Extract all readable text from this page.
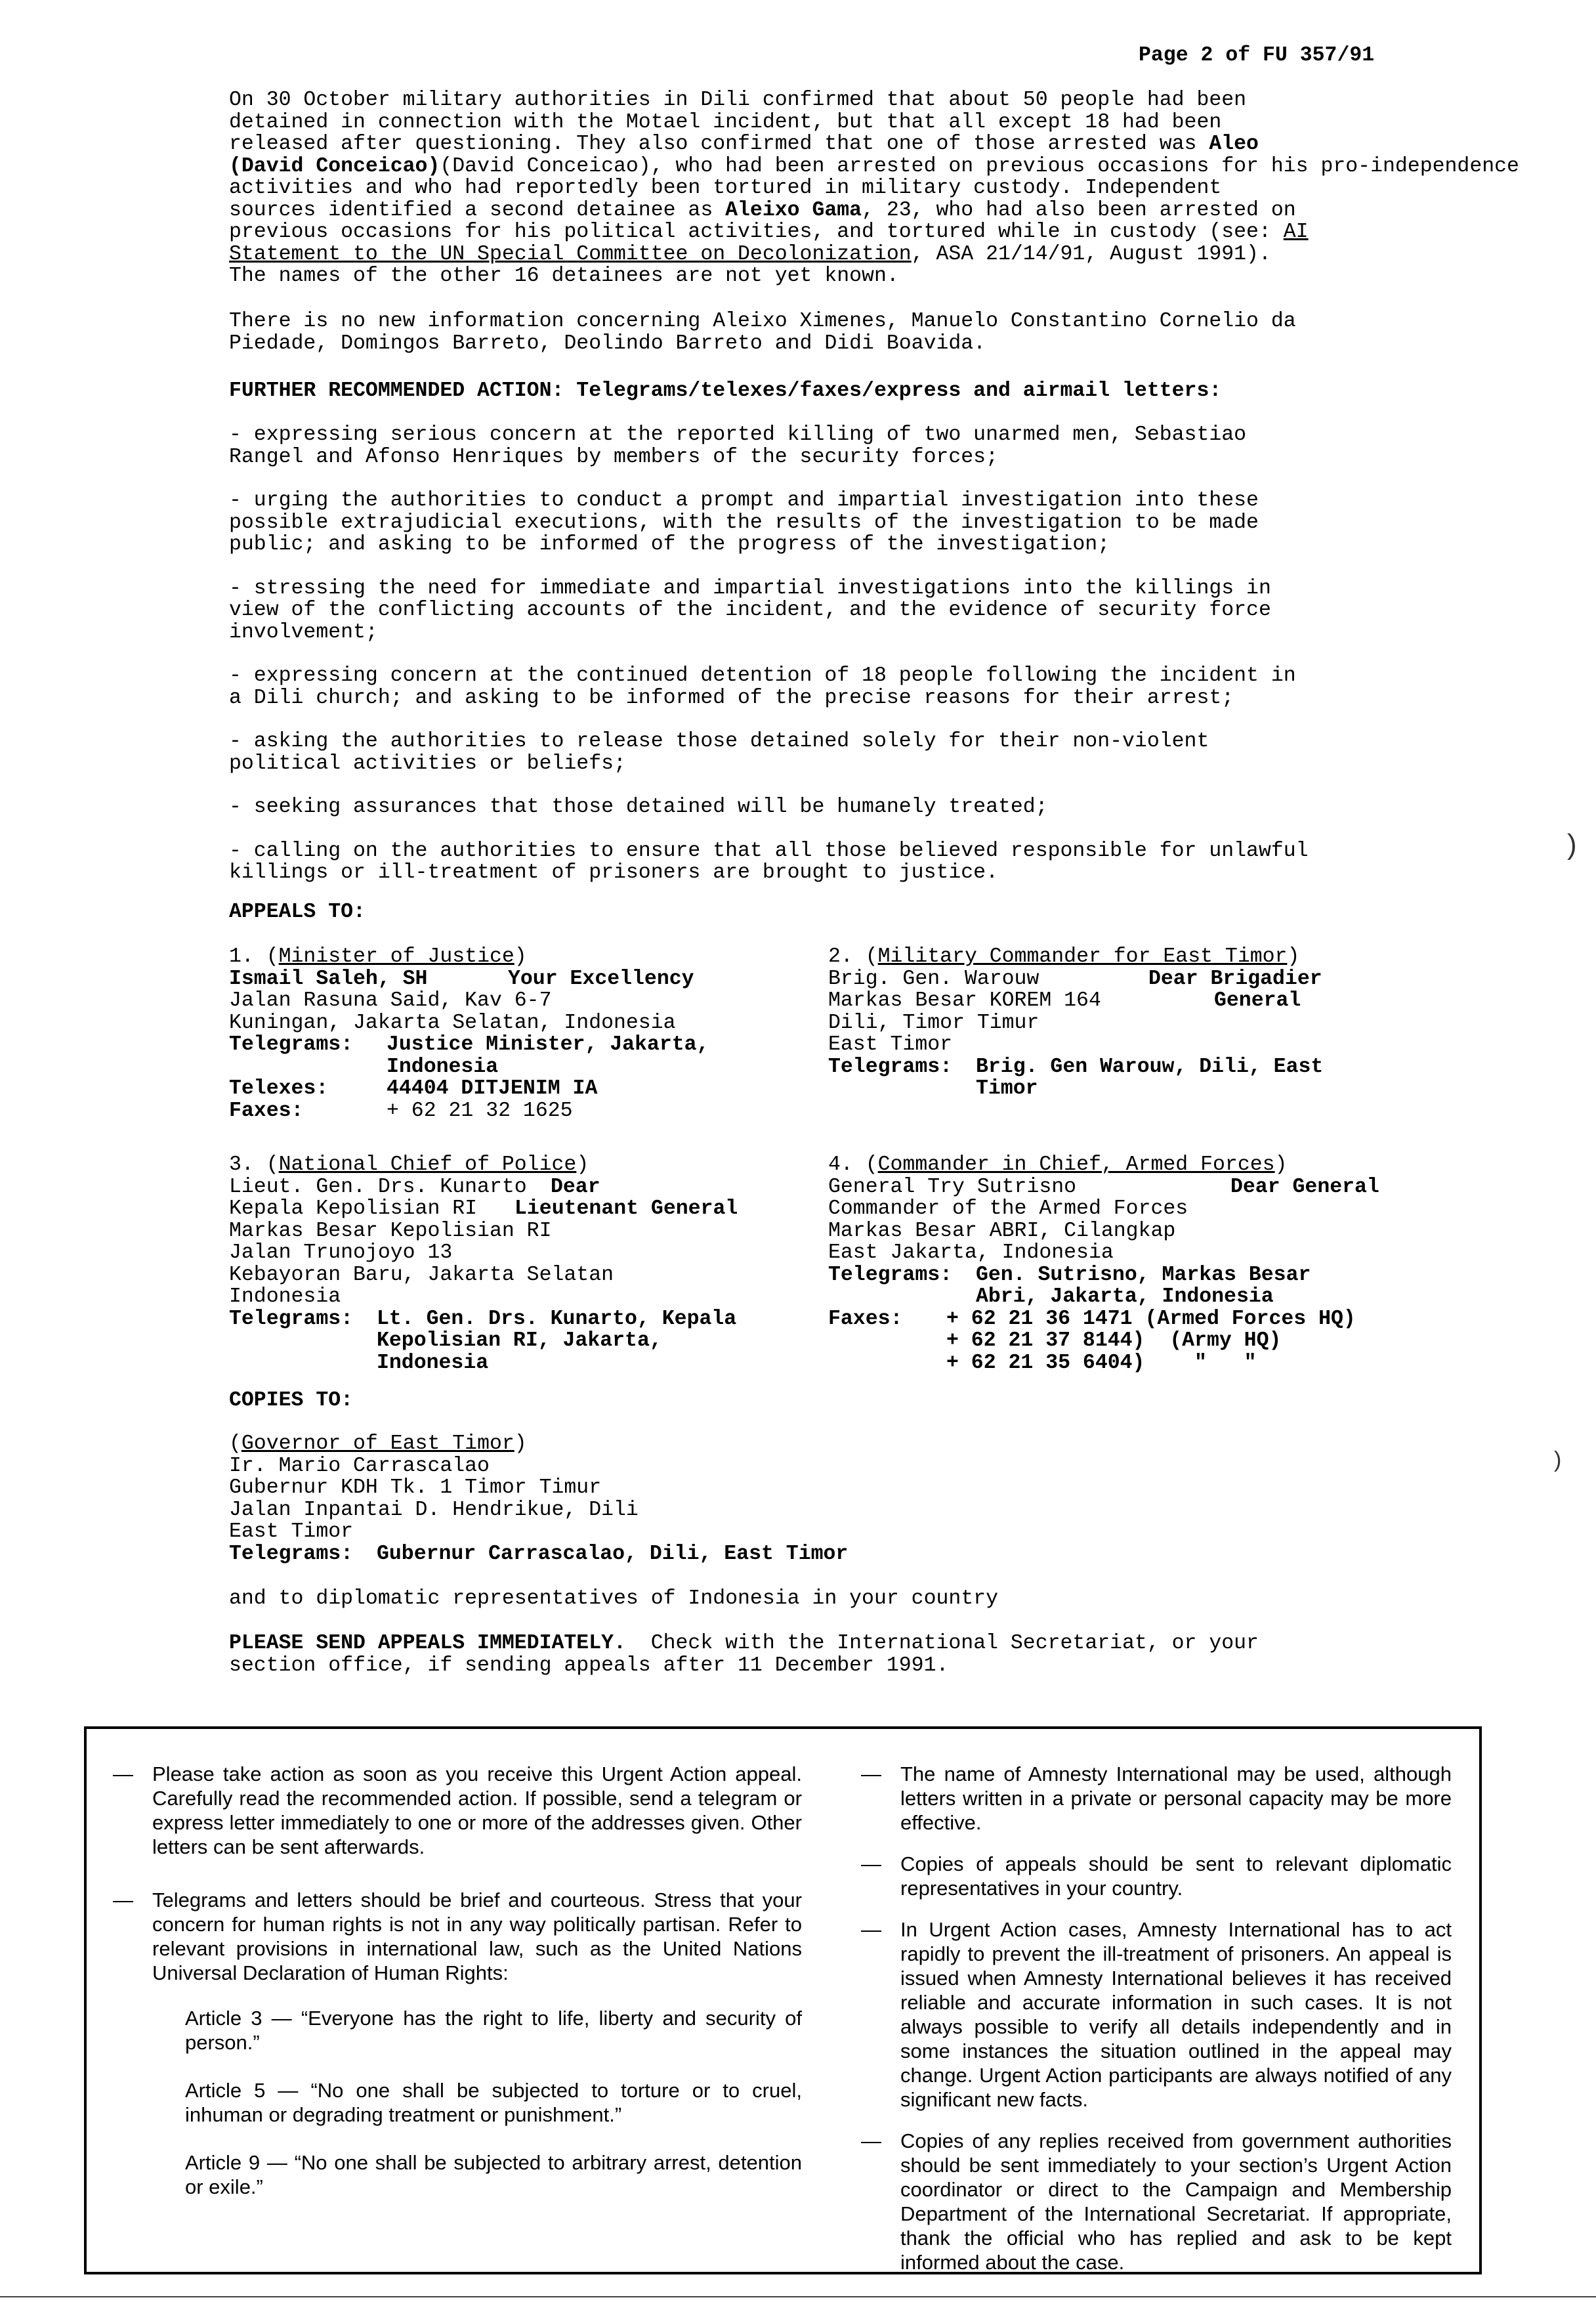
Page 2 of FU 357/91
On 30 October military authorities in Dili confirmed that about 50 people had been
detained in connection with the Motael incident, but that all except 18 had been
released after questioning. They also confirmed that one of those arrested was Aleo
(David Conceicao)(David Conceicao), who had been arrested on previous occasions for his pro-independence
activities and who had reportedly been tortured in military custody. Independent
sources identified a second detainee as Aleixo Gama, 23, who had also been arrested on
previous occasions for his political activities, and tortured while in custody (see: AI
Statement to the UN Special Committee on Decolonization, ASA 21/14/91, August 1991).
The names of the other 16 detainees are not yet known.
There is no new information concerning Aleixo Ximenes, Manuelo Constantino Cornelio da Piedade, Domingos Barreto, Deolindo Barreto and Didi Boavida.
FURTHER RECOMMENDED ACTION: Telegrams/telexes/faxes/express and airmail letters:
- expressing serious concern at the reported killing of two unarmed men, Sebastiao
Rangel and Afonso Henriques by members of the security forces;
- urging the authorities to conduct a prompt and impartial investigation into these
possible extrajudicial executions, with the results of the investigation to be made
public; and asking to be informed of the progress of the investigation;
- stressing the need for immediate and impartial investigations into the killings in
view of the conflicting accounts of the incident, and the evidence of security force
involvement;
- expressing concern at the continued detention of 18 people following the incident in
a Dili church; and asking to be informed of the precise reasons for their arrest;
- asking the authorities to release those detained solely for their non-violent
political activities or beliefs;
- seeking assurances that those detained will be humanely treated;
- calling on the authorities to ensure that all those believed responsible for unlawful
killings or ill-treatment of prisoners are brought to justice.
APPEALS TO:
1. (Minister of Justice)
Ismail Saleh, SH	Your Excellency
Jalan Rasuna Said, Kav 6-7
Kuningan, Jakarta Selatan, Indonesia
Telegrams: Justice Minister, Jakarta,
Indonesia
Telexes:	44404 DITJENIM IA
Faxes:	+ 62 21 32 1625
2. (Military Commander for East Timor)
Brig. Gen. Warouw	Dear Brigadier
Markas Besar KOREM 164	General
Dili, Timor Timur
East Timor
Telegrams: Brig. Gen Warouw, Dili, East
Timor
3. (National Chief of Police)
Lieut. Gen. Drs. Kunarto Dear
Kepala Kepolisian RI Lieutenant General
Markas Besar Kepolisian RI
Jalan Trunojoyo 13
Kebayoran Baru, Jakarta Selatan
Indonesia
Telegrams: Lt. Gen. Drs. Kunarto, Kepala
Kepolisian RI, Jakarta,
Indonesia
4. (Commander in Chief, Armed Forces)
General Try Sutrisno	Dear General
Commander of the Armed Forces
Markas Besar ABRI, Cilangkap
East Jakarta, Indonesia
Telegrams: Gen. Sutrisno, Markas Besar
Abri, Jakarta, Indonesia
Faxes: + 62 21 36 1471 (Armed Forces HQ)
+ 62 21 37 8144)  (Army HQ)
+ 62 21 35 6404)    "   "
COPIES TO:
(Governor of East Timor)
Ir. Mario Carrascalao
Gubernur KDH Tk. 1 Timor Timur
Jalan Inpantai D. Hendrikue, Dili
East Timor
Telegrams: Gubernur Carrascalao, Dili, East Timor
and to diplomatic representatives of Indonesia in your country
PLEASE SEND APPEALS IMMEDIATELY.  Check with the International Secretariat, or your
section office, if sending appeals after 11 December 1991.
— Please take action as soon as you receive this Urgent Action appeal. Carefully read the recommended action. If possible, send a telegram or express letter immediately to one or more of the addresses given. Other letters can be sent afterwards.
— Telegrams and letters should be brief and courteous. Stress that your concern for human rights is not in any way politically partisan. Refer to relevant provisions in international law, such as the United Nations Universal Declaration of Human Rights:
Article 3 — “Everyone has the right to life, liberty and security of person.”
Article 5 — “No one shall be subjected to torture or to cruel, inhuman or degrading treatment or punishment.”
Article 9 — “No one shall be subjected to arbitrary arrest, detention or exile.”
— The name of Amnesty International may be used, although letters written in a private or personal capacity may be more effective.
— Copies of appeals should be sent to relevant diplomatic representatives in your country.
— In Urgent Action cases, Amnesty International has to act rapidly to prevent the ill-treatment of prisoners. An appeal is issued when Amnesty International believes it has received reliable and accurate information in such cases. It is not always possible to verify all details independently and in some instances the situation outlined in the appeal may change. Urgent Action participants are always notified of any significant new facts.
— Copies of any replies received from government authorities should be sent immediately to your section’s Urgent Action coordinator or direct to the Campaign and Membership Department of the International Secretariat. If appropriate, thank the official who has replied and ask to be kept informed about the case.
)
)
